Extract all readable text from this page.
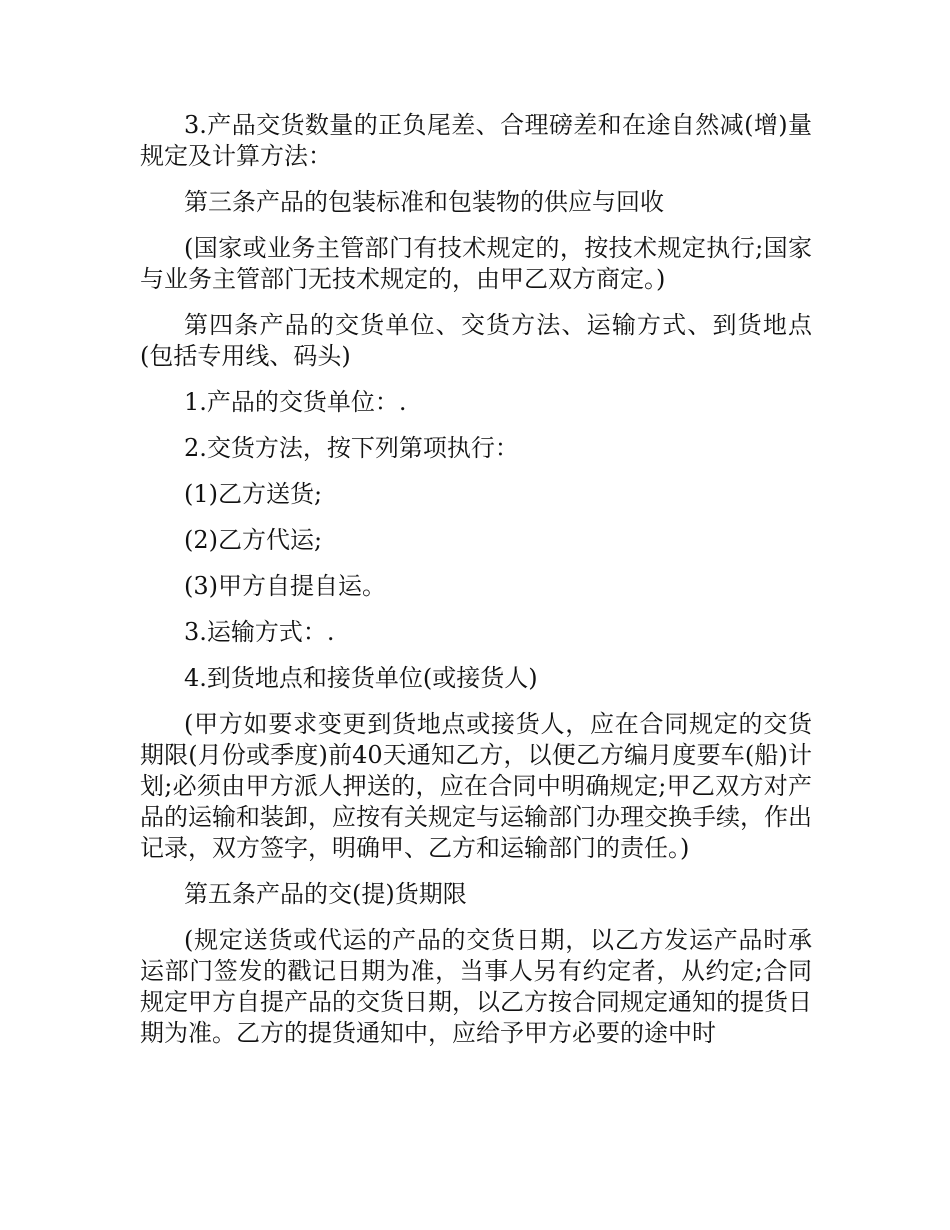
3.产品交货数量的正负尾差、合理磅差和在途自然减(增)量规定及计算方法：

第三条产品的包装标准和包装物的供应与回收

(国家或业务主管部门有技术规定的，按技术规定执行;国家与业务主管部门无技术规定的，由甲乙双方商定。)

第四条产品的交货单位、交货方法、运输方式、到货地点(包括专用线、码头)

1.产品的交货单位：.

2.交货方法，按下列第项执行：

(1)乙方送货;

(2)乙方代运;

(3)甲方自提自运。

3.运输方式：.

4.到货地点和接货单位(或接货人)

(甲方如要求变更到货地点或接货人，应在合同规定的交货期限(月份或季度)前40天通知乙方，以便乙方编月度要车(船)计划;必须由甲方派人押送的，应在合同中明确规定;甲乙双方对产品的运输和装卸，应按有关规定与运输部门办理交换手续，作出记录，双方签字，明确甲、乙方和运输部门的责任。)

第五条产品的交(提)货期限

(规定送货或代运的产品的交货日期，以乙方发运产品时承运部门签发的戳记日期为准，当事人另有约定者，从约定;合同规定甲方自提产品的交货日期，以乙方按合同规定通知的提货日期为准。乙方的提货通知中，应给予甲方必要的途中时
